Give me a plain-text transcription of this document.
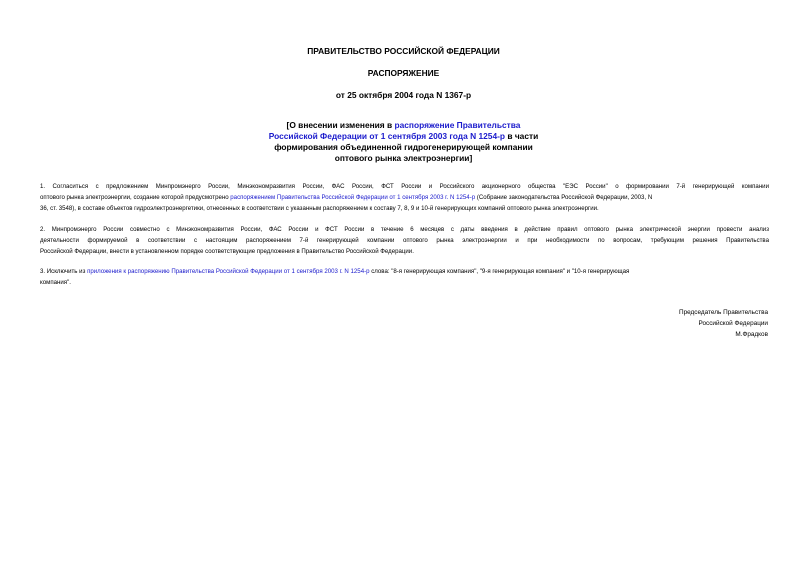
ПРАВИТЕЛЬСТВО РОССИЙСКОЙ ФЕДЕРАЦИИ
РАСПОРЯЖЕНИЕ
от 25 октября 2004 года N 1367-р
[О внесении изменения в распоряжение Правительства
Российской Федерации от 1 сентября 2003 года N 1254-р в части
формирования объединенной гидрогенерирующей компании
оптового рынка электроэнергии]
1. Согласиться с предложением Минпромэнерго России, Минэкономразвития России, ФАС России, ФСТ России и Российского акционерного общества "ЕЭС России" о формировании 7-й генерирующей компании
оптового рынка электроэнергии, создание которой предусмотрено распоряжением Правительства Российской Федерации от 1 сентября 2003 г. N 1254-р (Собрание законодательства Российской Федерации, 2003, N
36, ст. 3548), в составе объектов гидроэлектроэнергетики, отнесенных в соответствии с указанным распоряжением к составу 7, 8, 9 и 10-й генерирующих компаний оптового рынка электроэнергии.
2. Минпромэнерго России совместно с Минэкономразвития России, ФАС России и ФСТ России в течение 6 месяцев с даты введения в действие правил оптового рынка электрической энергии провести анализ
деятельности формируемой в соответствии с настоящим распоряжением 7-й генерирующей компании оптового рынка электроэнергии и при необходимости по вопросам, требующим решения Правительства
Российской Федерации, внести в установленном порядке соответствующие предложения в Правительство Российской Федерации.
3. Исключить из приложения к распоряжению Правительства Российской Федерации от 1 сентября 2003 г. N 1254-р слова: "8-я генерирующая компания", "9-я генерирующая компания" и "10-я генерирующая
компания".
Председатель Правительства
Российской Федерации
М.Фрадков
